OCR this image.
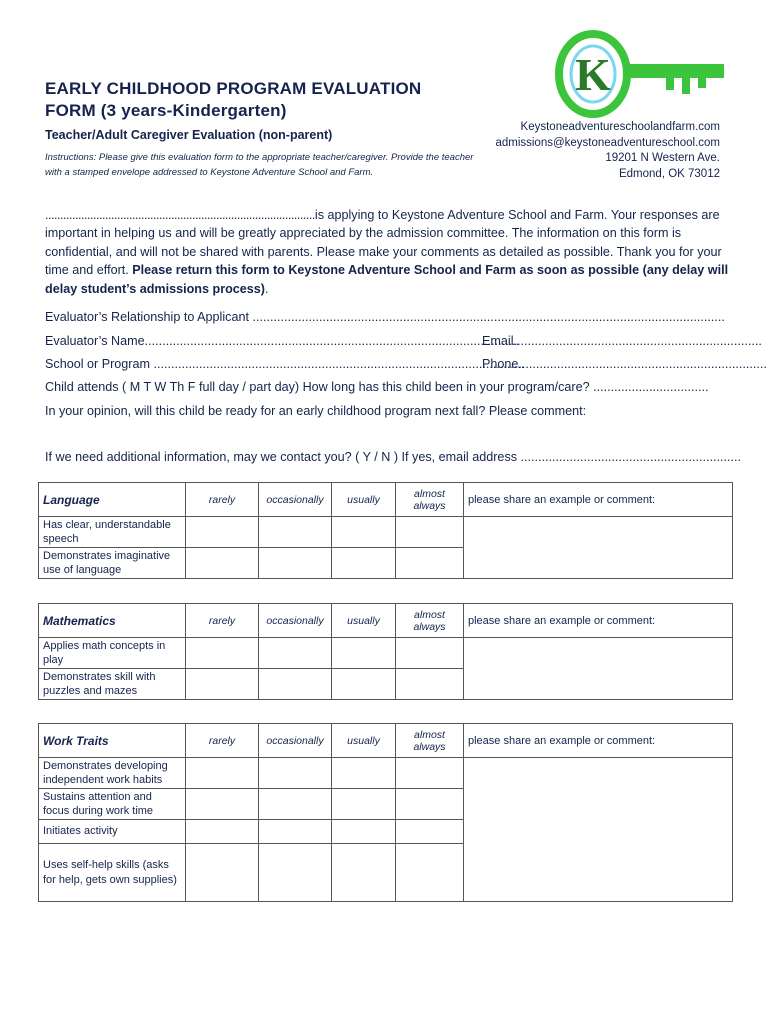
EARLY CHILDHOOD PROGRAM EVALUATION
FORM (3 years-Kindergarten)
Teacher/Adult Caregiver Evaluation (non-parent)
Instructions: Please give this evaluation form to the appropriate teacher/caregiver. Provide the teacher with a stamped envelope addressed to Keystone Adventure School and Farm.
K
Keystoneadventureschoolandfarm.com
admissions@keystoneadventureschool.com
19201 N Western Ave.
Edmond, OK 73012
..........................................................................................is applying to Keystone Adventure School and Farm. Your responses are important in helping us and will be greatly appreciated by the admission committee. The information on this form is confidential, and will not be shared with parents. Please make your comments as detailed as possible. Thank you for your time and effort. Please return this form to Keystone Adventure School and Farm as soon as possible (any delay will delay student’s admissions process).
Evaluator’s Relationship to Applicant .......................................................................................................................................
Evaluator’s Name...........................................................................................................
Email.......................................................................
School or Program ..........................................................................................................
Phone.......................................................................
Child attends ( M T W Th F full day / part day) How long has this child been in your program/care? .................................
In your opinion, will this child be ready for an early childhood program next fall? Please comment:
If we need additional information, may we contact you? ( Y / N ) If yes, email address ...............................................................
Language	rarely	occasionally	usually	almost always	please share an example or comment:
Has clear, understandable speech					
Demonstrates imaginative use of language					
Mathematics	rarely	occasionally	usually	almost always	please share an example or comment:
Applies math concepts in play					
Demonstrates skill with puzzles and mazes					
Work Traits	rarely	occasionally	usually	almost always	please share an example or comment:
Demonstrates developing independent work habits					
Sustains attention and focus during work time					
Initiates activity					
Uses self-help skills (asks for help, gets own supplies)					
